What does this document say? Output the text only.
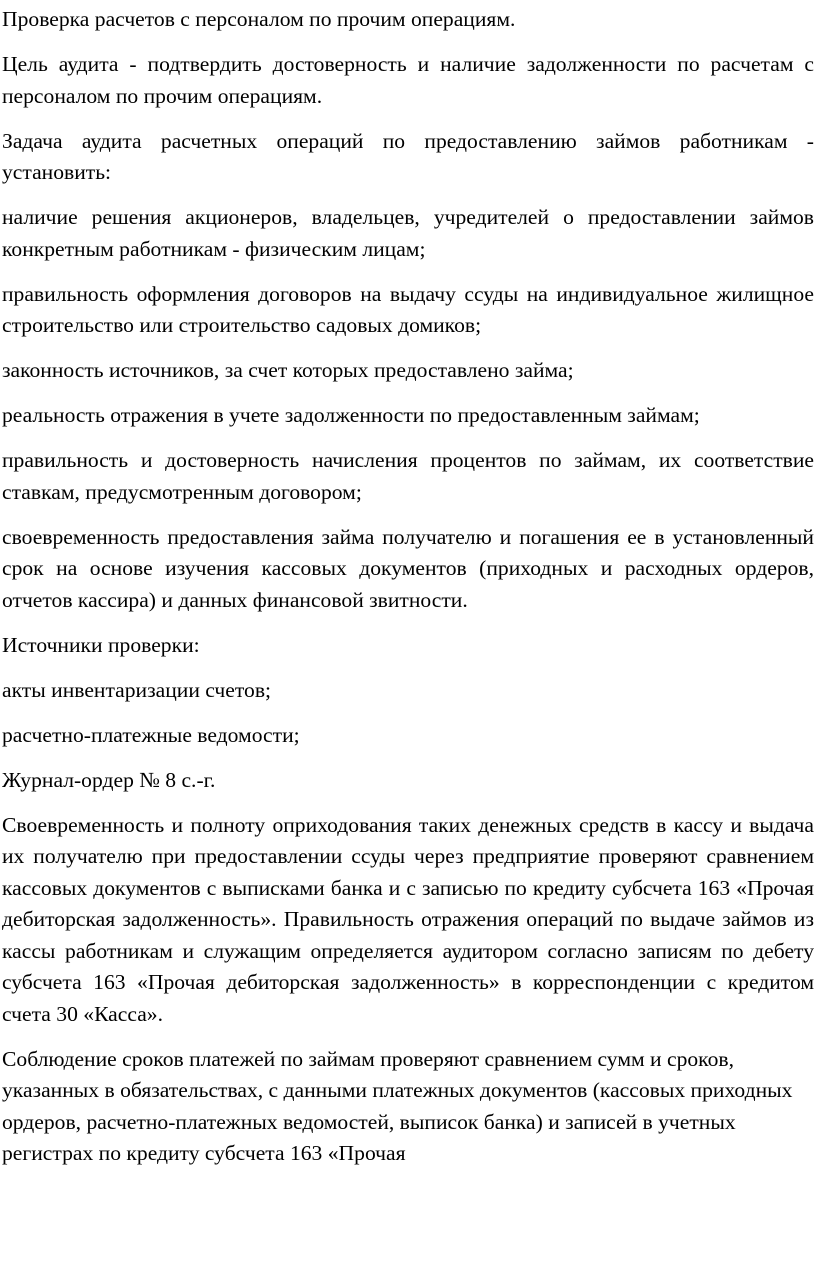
Проверка расчетов с персоналом по прочим операциям.

Цель аудита - подтвердить достоверность и наличие задолженности по расчетам с персоналом по прочим операциям.

Задача аудита расчетных операций по предоставлению займов работникам - установить:

наличие решения акционеров, владельцев, учредителей о предоставлении займов конкретным работникам - физическим лицам;

правильность оформления договоров на выдачу ссуды на индивидуальное жилищное строительство или строительство садовых домиков;

законность источников, за счет которых предоставлено займа;

реальность отражения в учете задолженности по предоставленным займам;

правильность и достоверность начисления процентов по займам, их соответствие ставкам, предусмотренным договором;

своевременность предоставления займа получателю и погашения ее в установленный срок на основе изучения кассовых документов (приходных и расходных ордеров, отчетов кассира) и данных финансовой звитности.

Источники проверки:

акты инвентаризации счетов;

расчетно-платежные ведомости;

Журнал-ордер № 8 с.-г.

Своевременность и полноту оприходования таких денежных средств в кассу и выдача их получателю при предоставлении ссуды через предприятие проверяют сравнением кассовых документов с выписками банка и с записью по кредиту субсчета 163 «Прочая дебиторская задолженность». Правильность отражения операций по выдаче займов из кассы работникам и служащим определяется аудитором согласно записям по дебету субсчета 163 «Прочая дебиторская задолженность» в корреспонденции с кредитом счета 30 «Касса».

Соблюдение сроков платежей по займам проверяют сравнением сумм и сроков, указанных в обязательствах, с данными платежных документов (кассовых приходных ордеров, расчетно-платежных ведомостей, выписок банка) и записей в учетных регистрах по кредиту субсчета 163 «Прочая
